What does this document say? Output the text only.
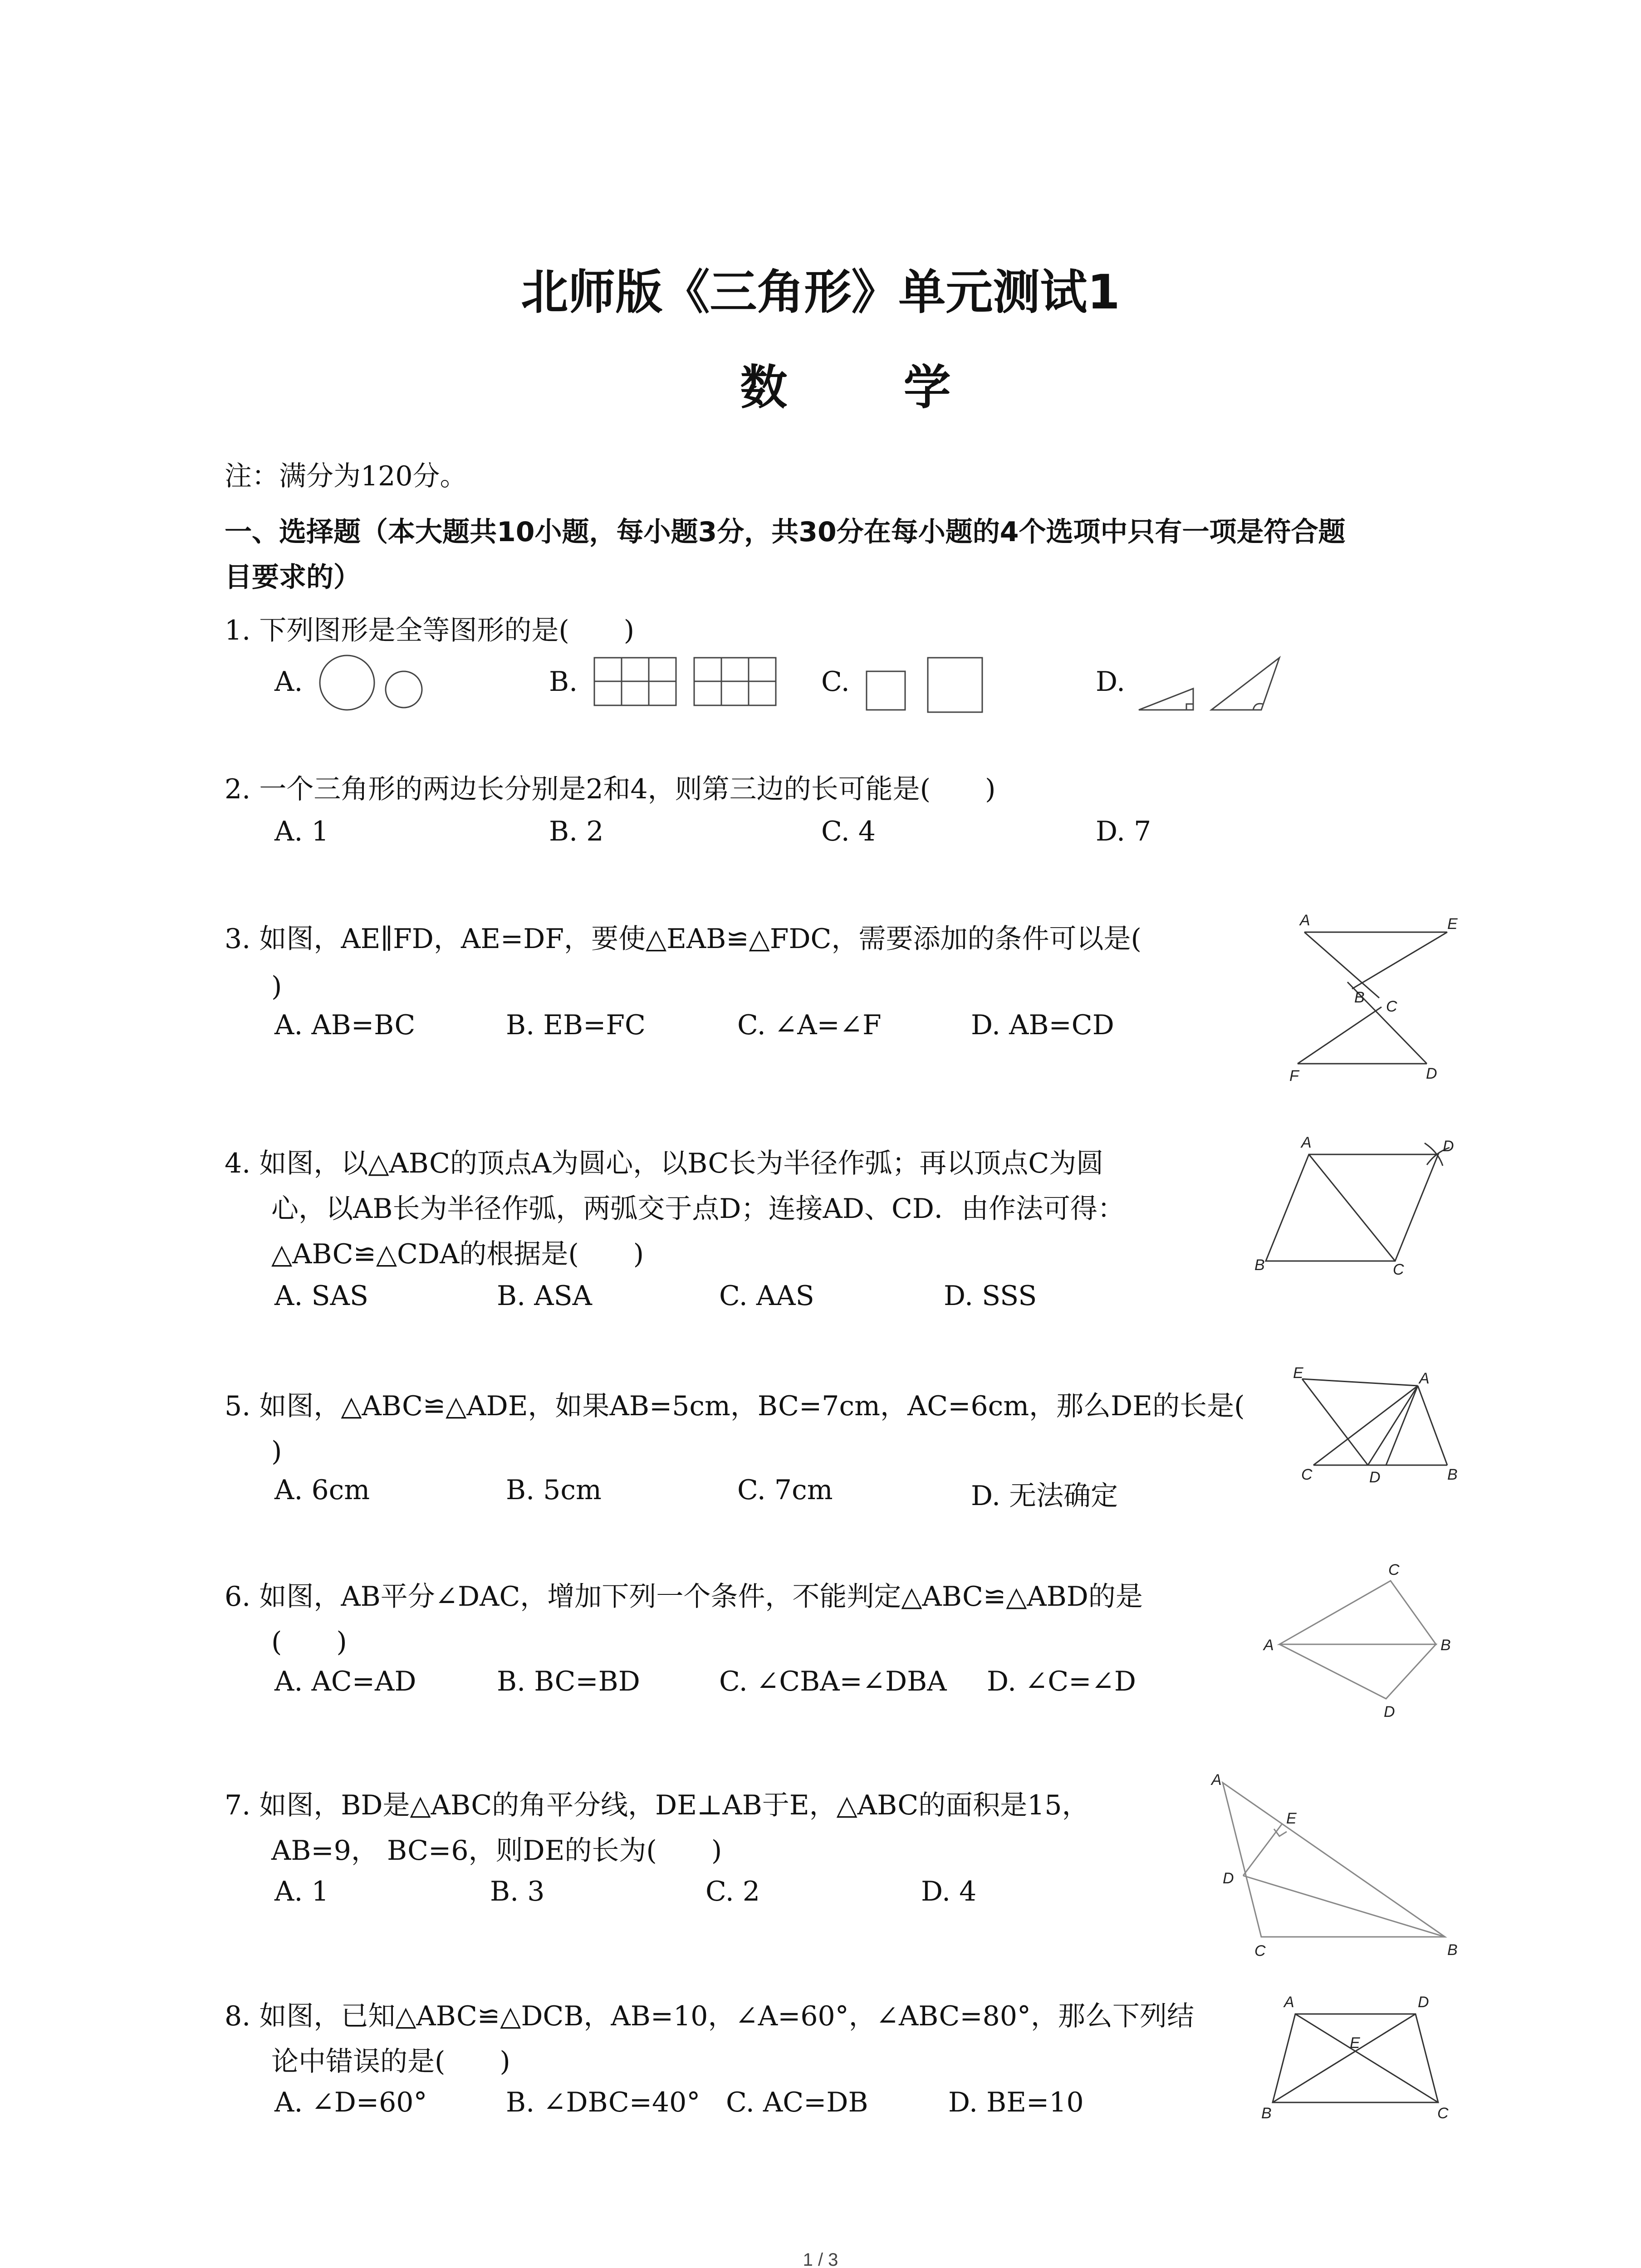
北师版《三角形》单元测试1
数 学
注：满分为120分。
一、选择题（本大题共10小题，每小题3分，共30分在每小题的4个选项中只有一项是符合题
目要求的）
1. 下列图形是全等图形的是(　　)
A.	B.	C.	D.
2. 一个三角形的两边长分别是2和4，则第三边的长可能是(　　)
A. 1	B. 2	C. 4	D. 7
3. 如图，AE∥FD，AE=DF，要使△EAB≌△FDC，需要添加的条件可以是(
)
A. AB=BC	B. EB=FC	C. ∠A=∠F	D. AB=CD
A	E
B
C
F	D
4. 如图，以△ABC的顶点A为圆心，以BC长为半径作弧；再以顶点C为圆
心，以AB长为半径作弧，两弧交于点D；连接AD、CD．由作法可得：
△ABC≌△CDA的根据是(　　)
A. SAS	B. ASA	C. AAS	D. SSS
A	D
B	C
5. 如图，△ABC≌△ADE，如果AB=5cm，BC=7cm，AC=6cm，那么DE的长是(
)
A. 6cm	B. 5cm	C. 7cm	D. 无法确定
E	A
C	D	B
6. 如图，AB平分∠DAC，增加下列一个条件，不能判定△ABC≌△ABD的是
(　　)
A. AC=AD	B. BC=BD	C. ∠CBA=∠DBA D. ∠C=∠D
C
A	B
D
7. 如图，BD是△ABC的角平分线，DE⊥AB于E，△ABC的面积是15，
AB=9， BC=6，则DE的长为(　　)
A. 1	B. 3	C. 2	D. 4
A
E
D
C	B
8. 如图，已知△ABC≌△DCB，AB=10，∠A=60°，∠ABC=80°，那么下列结
论中错误的是(　　)
A. ∠D=60°	B. ∠DBC=40° C. AC=DB	D. BE=10
A	D
E
B	C
1 / 3
